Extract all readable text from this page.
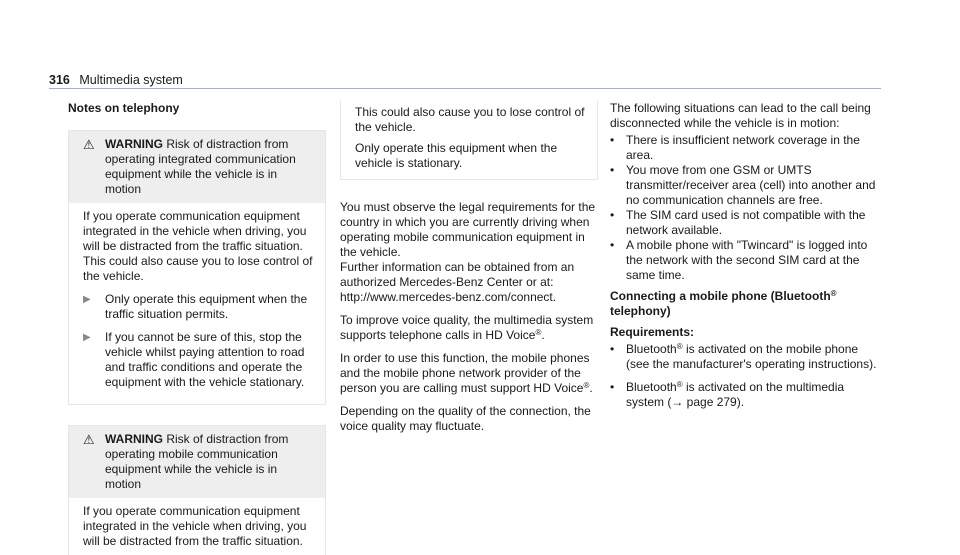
316 Multimedia system

Notes on telephony

⚠ WARNING Risk of distraction from operating integrated communication equipment while the vehicle is in motion

If you operate communication equipment integrated in the vehicle when driving, you will be distracted from the traffic situation. This could also cause you to lose control of the vehicle.

▶	Only operate this equipment when the traffic situation permits.
▶	If you cannot be sure of this, stop the vehicle whilst paying attention to road and traffic conditions and operate the equipment with the vehicle stationary.
⚠ WARNING Risk of distraction from operating mobile communication equipment while the vehicle is in motion

If you operate communication equipment integrated in the vehicle when driving, you will be distracted from the traffic situation.

This could also cause you to lose control of the vehicle.

Only operate this equipment when the vehicle is stationary.

You must observe the legal requirements for the country in which you are currently driving when operating mobile communication equipment in the vehicle.

Further information can be obtained from an authorized Mercedes-Benz Center or at: http://www.mercedes-benz.com/connect.

To improve voice quality, the multimedia system supports telephone calls in HD Voice®.

In order to use this function, the mobile phones and the mobile phone network provider of the person you are calling must support HD Voice®.

Depending on the quality of the connection, the voice quality may fluctuate.

The following situations can lead to the call being disconnected while the vehicle is in motion:

• There is insufficient network coverage in the area.
• You move from one GSM or UMTS transmitter/receiver area (cell) into another and no communication channels are free.
• The SIM card used is not compatible with the network available.
• A mobile phone with "Twincard" is logged into the network with the second SIM card at the same time.

Connecting a mobile phone (Bluetooth® telephony)

Requirements:

• Bluetooth® is activated on the mobile phone (see the manufacturer's operating instructions).
• Bluetooth® is activated on the multimedia system (→ page 279).
